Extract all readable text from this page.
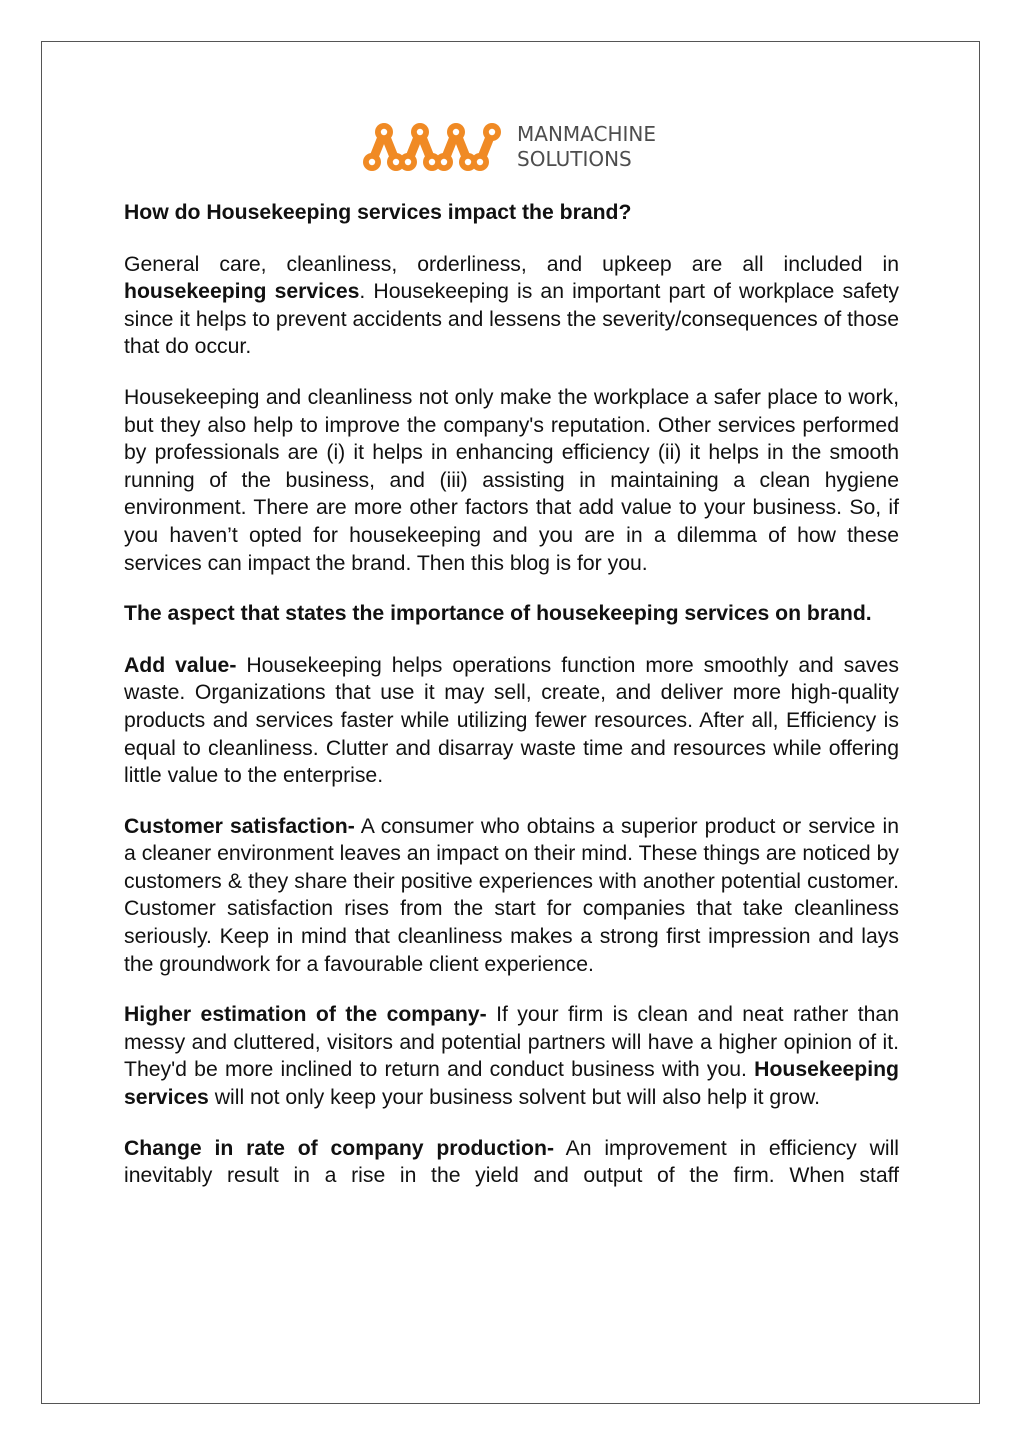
MANMACHINE
SOLUTIONS

How do Housekeeping services impact the brand?

General care, cleanliness, orderliness, and upkeep are all included in housekeeping services. Housekeeping is an important part of workplace safety since it helps to prevent accidents and lessens the severity/consequences of those that do occur.

Housekeeping and cleanliness not only make the workplace a safer place to work, but they also help to improve the company's reputation. Other services performed by professionals are (i) it helps in enhancing efficiency (ii) it helps in the smooth running of the business, and (iii) assisting in maintaining a clean hygiene environment. There are more other factors that add value to your business. So, if you haven’t opted for housekeeping and you are in a dilemma of how these services can impact the brand. Then this blog is for you.

The aspect that states the importance of housekeeping services on brand.

Add value- Housekeeping helps operations function more smoothly and saves waste. Organizations that use it may sell, create, and deliver more high-quality products and services faster while utilizing fewer resources. After all, Efficiency is equal to cleanliness. Clutter and disarray waste time and resources while offering little value to the enterprise.

Customer satisfaction- A consumer who obtains a superior product or service in a cleaner environment leaves an impact on their mind. These things are noticed by customers & they share their positive experiences with another potential customer. Customer satisfaction rises from the start for companies that take cleanliness seriously. Keep in mind that cleanliness makes a strong first impression and lays the groundwork for a favourable client experience.

Higher estimation of the company- If your firm is clean and neat rather than messy and cluttered, visitors and potential partners will have a higher opinion of it. They'd be more inclined to return and conduct business with you. Housekeeping services will not only keep your business solvent but will also help it grow.

Change in rate of company production- An improvement in efficiency will inevitably result in a rise in the yield and output of the firm. When staff
